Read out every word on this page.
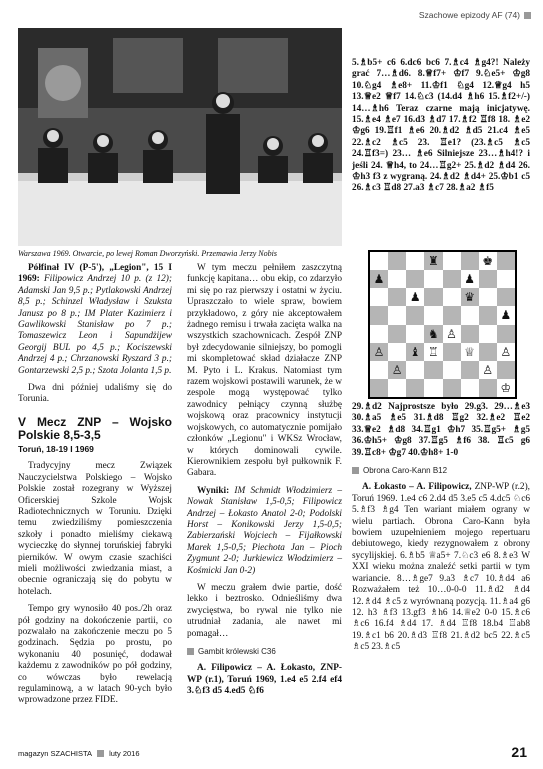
Szachowe epizody AF (74)
Warszawa 1969. Otwarcie, po lewej Roman Dworzyński. Przemawia Jerzy Nobis

Półfinał IV (P-5'), „Legion", 15 I 1969: Filipowicz Andrzej 10 p. (z 12); Adamski Jan 9,5 p.; Pytlakowski Andrzej 8,5 p.; Schinzel Władysław i Szuksta Janusz po 8 p.; IM Plater Kazimierz i Gawlikowski Stanisław po 7 p.; Tomaszewicz Leon i Sapundżijew Georgij BUL po 4,5 p.; Kociszewski Andrzej 4 p.; Chrzanowski Ryszard 3 p.; Gontarzewski 2,5 p.; Szota Jolanta 1,5 p.

Dwa dni później udaliśmy się do Torunia.

V Mecz ZNP – Wojsko Polskie 8,5-3,5
Toruń, 18-19 I 1969

Tradycyjny mecz Związek Nauczycielstwa Polskiego – Wojsko Polskie został rozegrany w Wyższej Oficerskiej Szkole Wojsk Radiotechnicznych w Toruniu. Dzięki temu zwiedziliśmy pomieszczenia szkoły i ponadto mieliśmy ciekawą wycieczkę do słynnej toruńskiej fabryki pierników. W owym czasie szachiści mieli możliwości zwiedzania miast, a obecnie ograniczają się do pobytu w hotelach.

Tempo gry wynosiło 40 pos./2h oraz pół godziny na dokończenie partii, co pozwalało na zakończenie meczu po 5 godzinach. Sędzia po prostu, po wykonaniu 40 posunięć, dodawał każdemu z zawodników po pół godziny, co wówczas było rewelacją regulaminową, a w latach 90-ych było wprowadzone przez FIDE.

W tym meczu pełniłem zaszczytną funkcję kapitana… obu ekip, co zdarzyło mi się po raz pierwszy i ostatni w życiu. Upraszczało to wiele spraw, bowiem przykładowo, z góry nie akceptowałem żadnego remisu i trwała zacięta walka na wszystkich szachownicach. Zespół ZNP był zdecydowanie silniejszy, bo pomogli mi skompletować skład działacze ZNP M. Pyto i L. Krakus. Natomiast tym razem wojskowi postawili warunek, że w zespole mogą występować tylko zawodnicy pełniący czynną służbę wojskową oraz pracownicy instytucji wojskowych, co automatycznie pomijało członków „Legionu" i WKSz Wrocław, w których dominowali cywile. Kierownikiem zespołu był pułkownik F. Gabara.

Wyniki: IM Schmidt Włodzimierz – Nowak Stanisław 1,5-0,5; Filipowicz Andrzej – Łokasto Anatol 2-0; Podolski Horst – Konikowski Jerzy 1,5-0,5; Zabierzański Wojciech – Fijałkowski Marek 1,5-0,5; Piechota Jan – Pioch Zygmunt 2-0; Jurkiewicz Włodzimierz – Kośmicki Jan 0-2)

W meczu grałem dwie partie, dość lekko i beztrosko. Odnieśliśmy dwa zwycięstwa, bo rywal nie tylko nie utrudniał zadania, ale nawet mi pomagał…

Gambit królewski C36

A. Filipowicz – A. Łokasto, ZNP-WP (r.1), Toruń 1969, 1.e4 e5 2.f4 ef4 3.♘f3 d5 4.ed5 ♘f6

5.♗b5+ c6 6.dc6 bc6 7.♗c4 ♗g4?! Należy grać 7…♗d6. 8.♕f7+ ♔f7 9.♘e5+ ♔g8 10.♘g4 ♗e8+ 11.♔f1 ♘g4 12.♕g4 h5 13.♕e2 ♕f7 14.♘c3 (14.d4 ♗h6 15.♗f2+/-) 14…♗h6 Teraz czarne mają inicjatywę. 15.♗e4 ♗e7 16.d3 ♗d7 17.♗f2 ♖f8 18. ♗e2 ♔g6 19.♖f1 ♗e6 20.♗d2 ♗d5 21.c4 ♗e5 22.♗c2 ♗c5 23. ♖e1? (23.♗c5 ♗c5 24.♖f3=) 23… ♗e6 Silniejsze 23…♗h4!? i jeśli 24. ♕h4, to 24…♖g2+ 25.♗d2 ♗d4 26. ♔h3 f3 z wygraną. 24.♗d2 ♗d4+ 25.♔b1 c5 26.♗c3 ♖d8 27.a3 ♗c7 28.♗a2 ♗f5

♜	♚
♟	♟
♟	♛
♟
♞ ♙
♙	♝ ♖	♕	♙
♙	♙
♔

29.♗d2 Najprostsze było 29.g3. 29…♗e3 30.♗a5 ♗e5 31.♗d8 ♖g2 32.♗e2 ♖e2 33.♕e2 ♗d8 34.♖g1 ♔h7 35.♖g5+ ♗g5 36.♔h5+ ♔g8 37.♖g5 ♗f6 38. ♖c5 g6 39.♖c8+ ♔g7 40.♔h8+ 1-0

Obrona Caro-Kann B12

A. Łokasto – A. Filipowicz, ZNP-WP (r.2), Toruń 1969. 1.e4 c6 2.d4 d5 3.e5 c5 4.dc5 ♘c6 5.♗f3 ♗g4 Ten wariant miałem ograny w wielu partiach. Obrona Caro-Kann była bowiem uzupełnieniem mojego repertuaru debiutowego, kiedy rezygnowałem z obrony sycylijskiej. 6.♗b5 ♕a5+ 7.♘c3 e6 8.♗e3 W XXI wieku można znaleźć setki partii w tym wariancie. 8…♗ge7 9.a3 ♗c7 10.♗d4 a6 Rozważałem też 10…0-0-0 11.♗d2 ♗d4 12.♗d4 ♗c5 z wyrównaną pozycją. 11.♗a4 g6 12. h3 ♗f3 13.gf3 ♗h6 14.♕e2 0-0 15.♗c6 ♗c6 16.f4 ♗d4 17. ♗d4 ♖f8 18.b4 ♖ab8 19.♗c1 b6 20.♗d3 ♖f8 21.♗d2 bc5 22.♗c5 ♗c5 23.♗c5

magazyn SZACHISTA luty 2016	21
